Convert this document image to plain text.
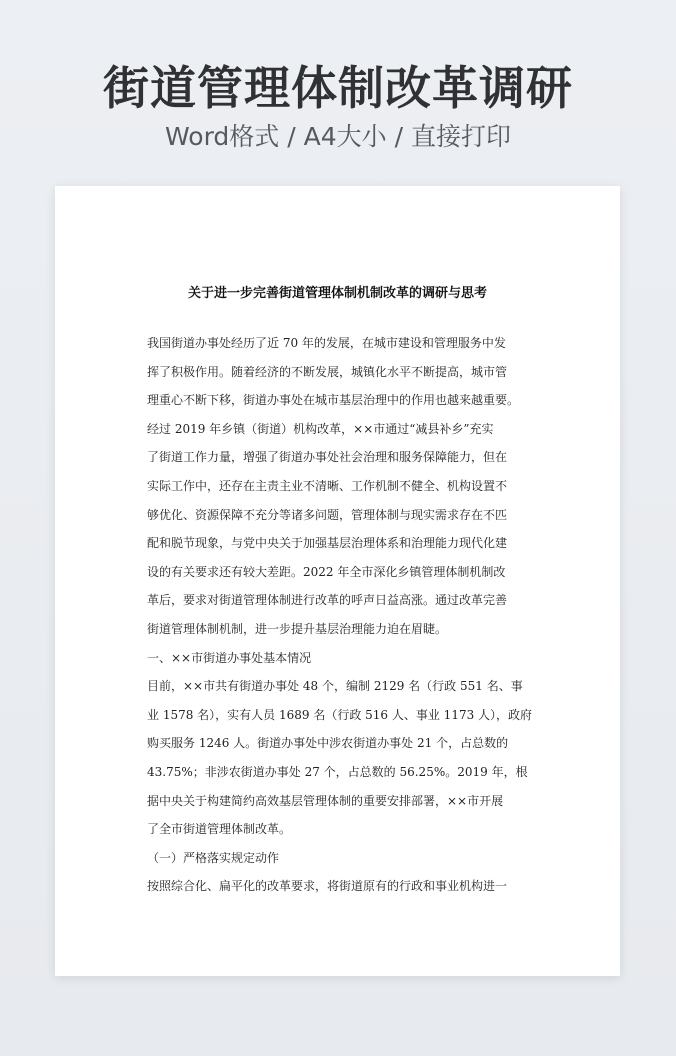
街道管理体制改革调研
Word格式 / A4大小 / 直接打印
关于进一步完善街道管理体制机制改革的调研与思考
我国街道办事处经历了近 70 年的发展，在城市建设和管理服务中发
挥了积极作用。随着经济的不断发展，城镇化水平不断提高，城市管
理重心不断下移，街道办事处在城市基层治理中的作用也越来越重要。
经过 2019 年乡镇（街道）机构改革，××市通过“减县补乡”充实
了街道工作力量，增强了街道办事处社会治理和服务保障能力，但在
实际工作中，还存在主责主业不清晰、工作机制不健全、机构设置不
够优化、资源保障不充分等诸多问题，管理体制与现实需求存在不匹
配和脱节现象，与党中央关于加强基层治理体系和治理能力现代化建
设的有关要求还有较大差距。2022 年全市深化乡镇管理体制机制改
革后，要求对街道管理体制进行改革的呼声日益高涨。通过改革完善
街道管理体制机制，进一步提升基层治理能力迫在眉睫。
一、××市街道办事处基本情况
目前，××市共有街道办事处 48 个，编制 2129 名（行政 551 名、事
业 1578 名），实有人员 1689 名（行政 516 人、事业 1173 人），政府
购买服务 1246 人。街道办事处中涉农街道办事处 21 个，占总数的
43.75%；非涉农街道办事处 27 个，占总数的 56.25%。2019 年，根
据中央关于构建简约高效基层管理体制的重要安排部署，××市开展
了全市街道管理体制改革。
（一）严格落实规定动作
按照综合化、扁平化的改革要求，将街道原有的行政和事业机构进一
